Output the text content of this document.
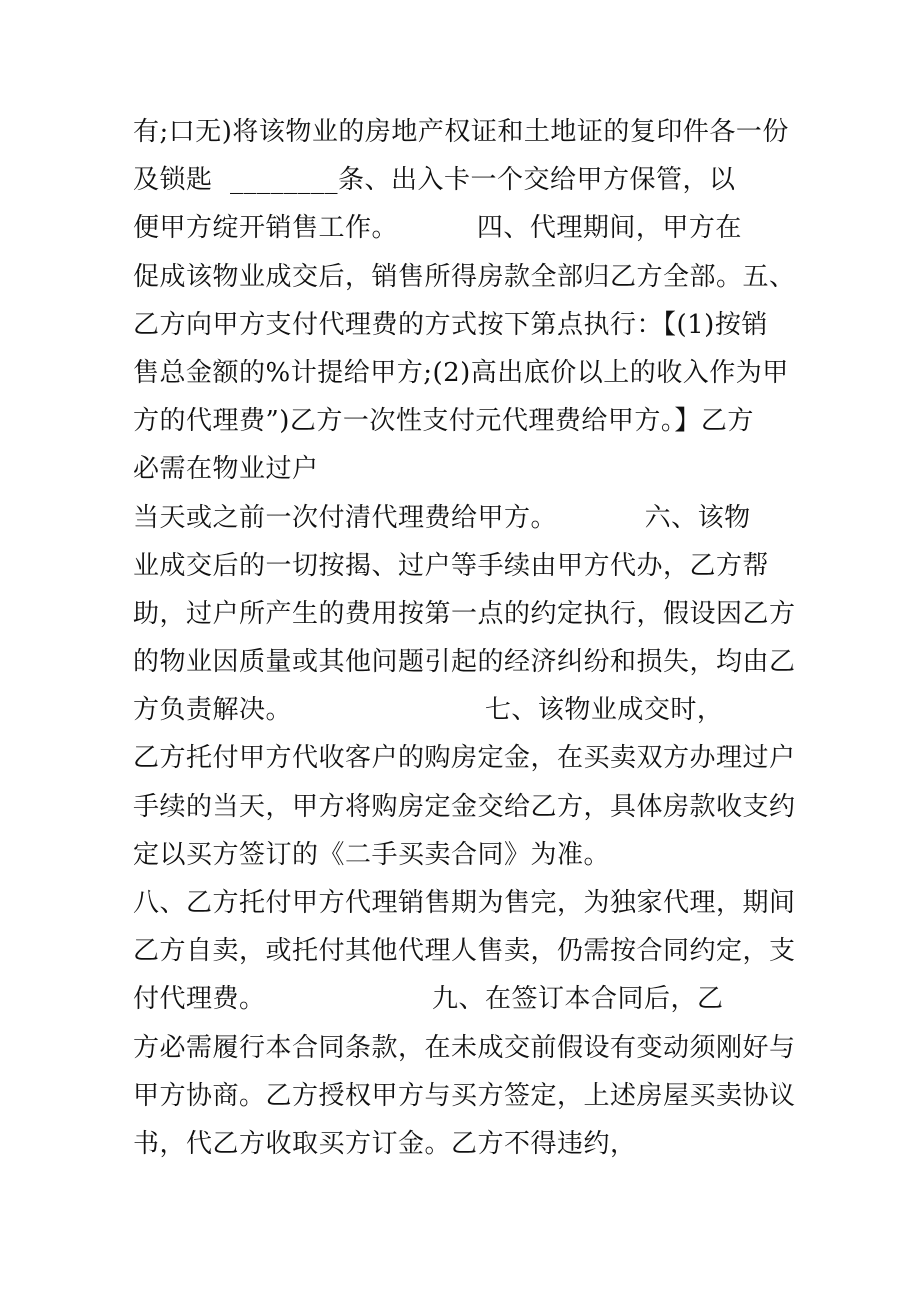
有;口无)将该物业的房地产权证和土地证的复印件各一份
及锁匙  ________条、出入卡一个交给甲方保管，以
便甲方绽开销售工作。         四、代理期间，甲方在
促成该物业成交后，销售所得房款全部归乙方全部。五、
乙方向甲方支付代理费的方式按下第点执行：【(1)按销
售总金额的%计提给甲方;(2)高出底价以上的收入作为甲
方的代理费”)乙方一次性支付元代理费给甲方。】乙方
必需在物业过户
当天或之前一次付清代理费给甲方。          六、该物
业成交后的一切按揭、过户等手续由甲方代办，乙方帮
助，过户所产生的费用按第一点的约定执行，假设因乙方
的物业因质量或其他问题引起的经济纠纷和损失，均由乙
方负责解决。                      七、该物业成交时，
乙方托付甲方代收客户的购房定金，在买卖双方办理过户
手续的当天，甲方将购房定金交给乙方，具体房款收支约
定以买方签订的《二手买卖合同》为准。
八、乙方托付甲方代理销售期为售完，为独家代理，期间
乙方自卖，或托付其他代理人售卖，仍需按合同约定，支
付代理费。                   九、在签订本合同后，乙
方必需履行本合同条款，在未成交前假设有变动须刚好与
甲方协商。乙方授权甲方与买方签定，上述房屋买卖协议
书，代乙方收取买方订金。乙方不得违约，
